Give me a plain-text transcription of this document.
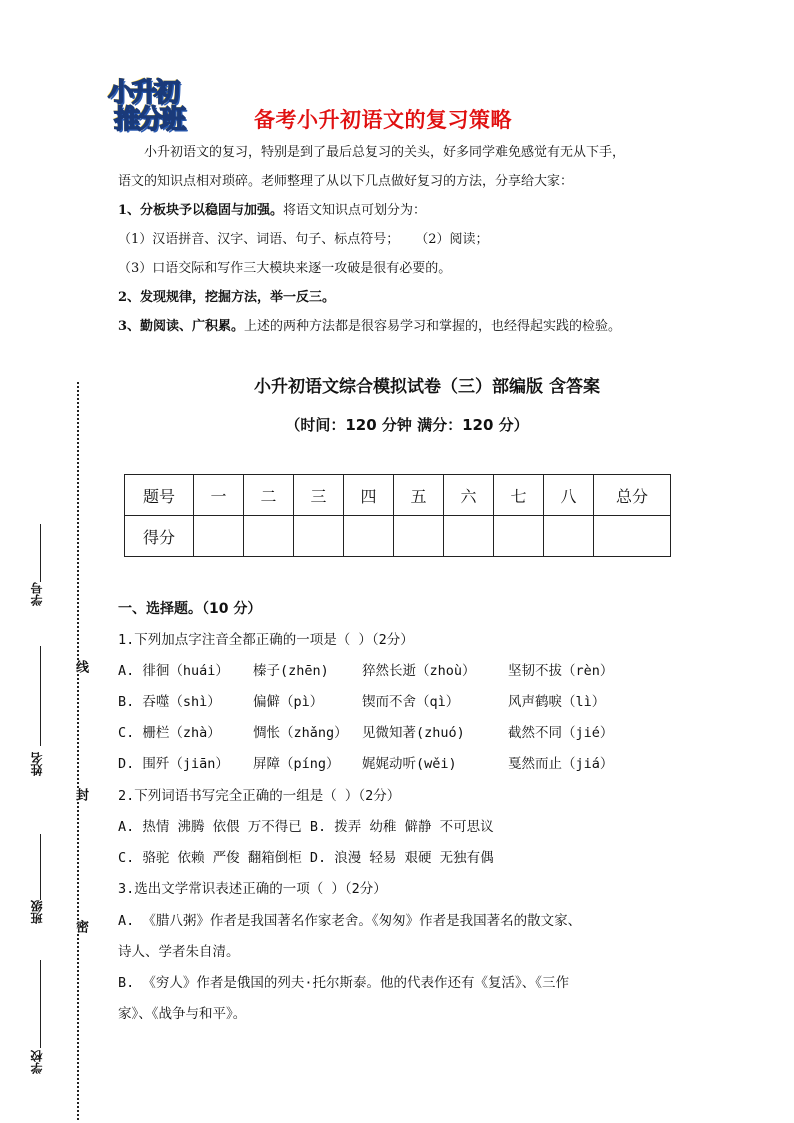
小升初
推分班	备考小升初语文的复习策略
小升初语文的复习，特别是到了最后总复习的关头，好多同学难免感觉有无从下手，
语文的知识点相对琐碎。老师整理了从以下几点做好复习的方法，分享给大家：
1、分板块予以稳固与加强。将语文知识点可划分为：
（1）汉语拼音、汉字、词语、句子、标点符号； （2）阅读；
（3）口语交际和写作三大模块来逐一攻破是很有必要的。
2、发现规律，挖掘方法，举一反三。
3、勤阅读、广积累。上述的两种方法都是很容易学习和掌握的，也经得起实践的检验。
小升初语文综合模拟试卷（三）部编版 含答案
（时间：120 分钟 满分：120 分）
题号	一	二	三	四	五	六	七	八	总分
得分									
一、选择题。（10 分）
1.下列加点字注音全都正确的一项是（ ）（2分）
A. 徘徊（huái） 榛子(zhēn) 猝然长逝（zhoù） 坚韧不拔（rèn）
B. 吞噬（shì） 偏僻（pì）	锲而不舍（qì）	风声鹤唳（lì）
C. 栅栏（zhà） 惆怅（zhǎng） 见微知著(zhuó)	截然不同（jié）
D. 围歼（jiān） 屏障（píng） 娓娓动听(wěi)	戛然而止（jiá）
2.下列词语书写完全正确的一组是（ ）（2分）
A. 热情 沸腾 依偎 万不得已 B. 拨弄 幼稚 僻静 不可思议
C. 骆驼 依赖 严俊 翻箱倒柜 D. 浪漫 轻易 艰硬 无独有偶
3.选出文学常识表述正确的一项（ ）（2分）
A. 《腊八粥》作者是我国著名作家老舍。《匆匆》作者是我国著名的散文家、
诗人、学者朱自清。
B. 《穷人》作者是俄国的列夫·托尔斯泰。他的代表作还有《复活》、《三作
家》、《战争与和平》。
学号
姓名
班级
学校
线
封
密
